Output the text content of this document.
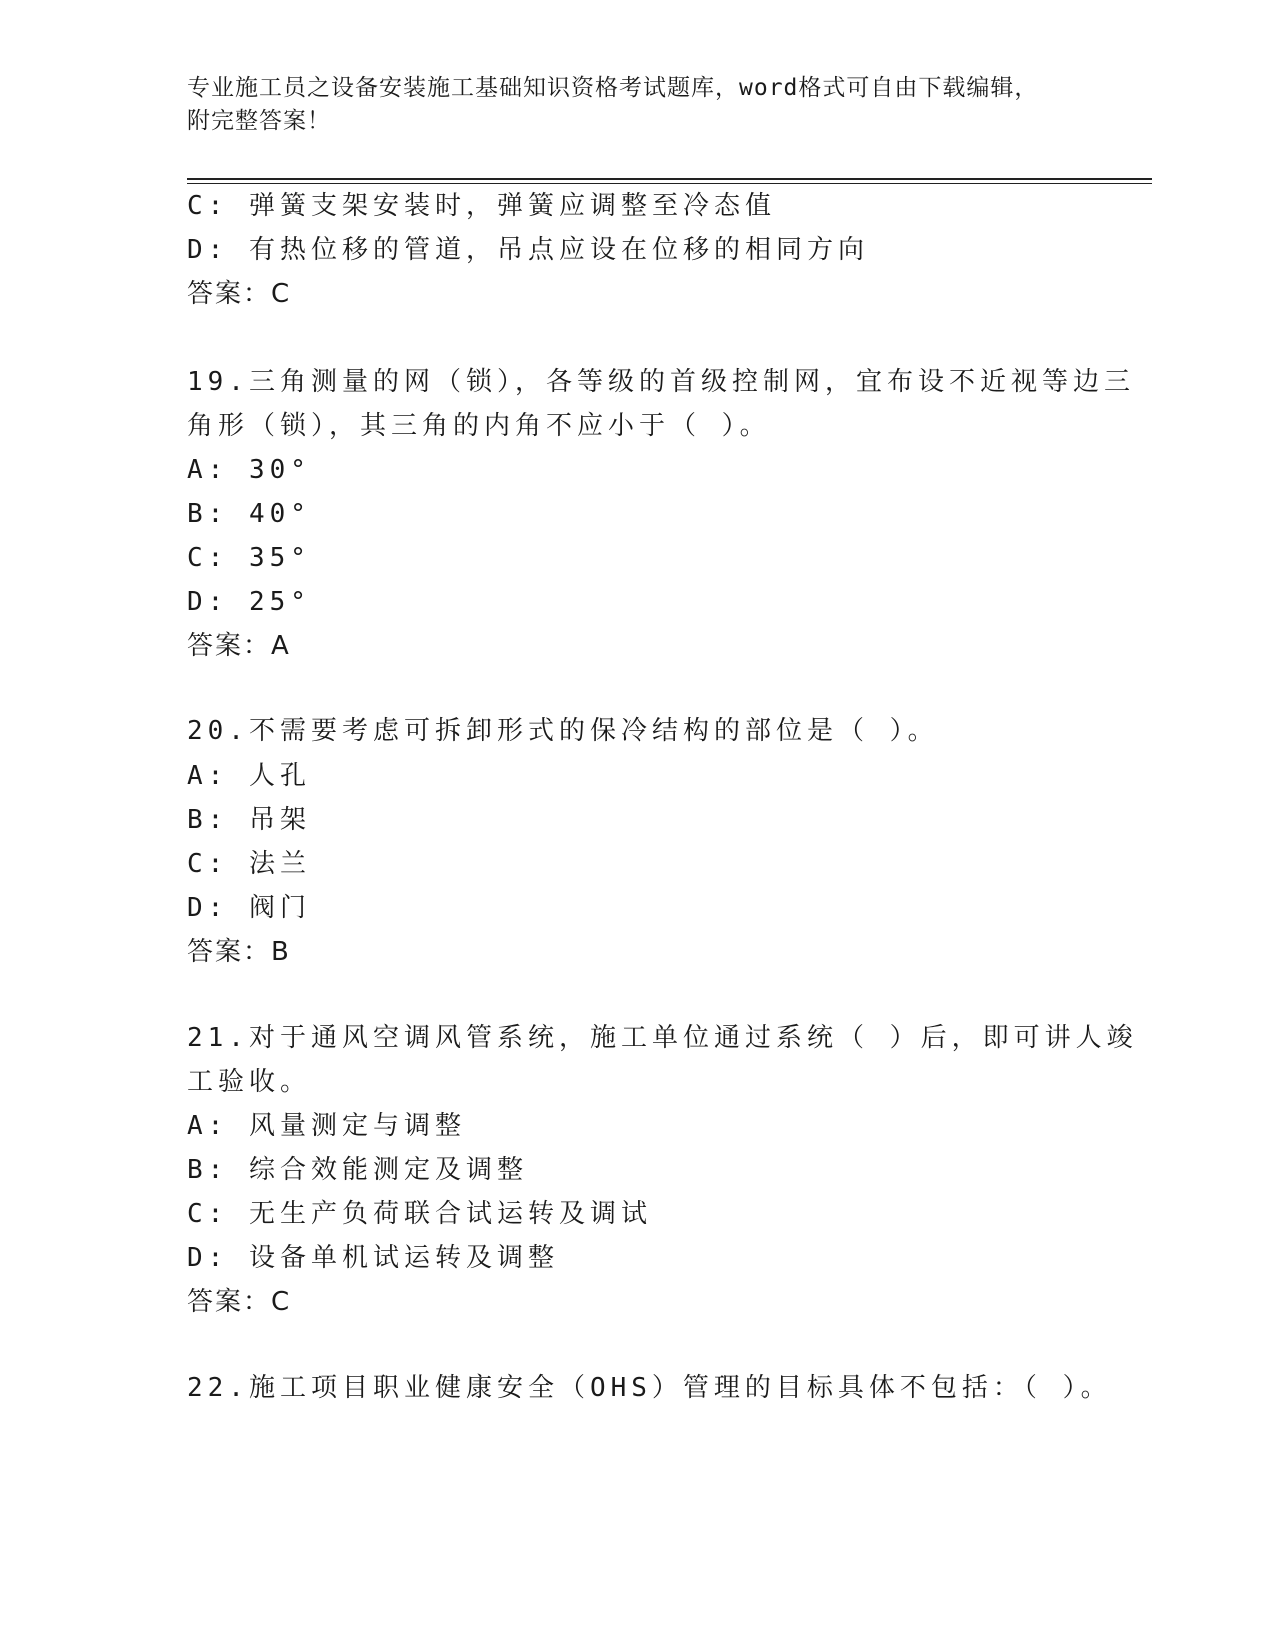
专业施工员之设备安装施工基础知识资格考试题库，word格式可自由下载编辑，
附完整答案！
C: 弹簧支架安装时，弹簧应调整至冷态值
D: 有热位移的管道，吊点应设在位移的相同方向
答案：C
19.三角测量的网（锁），各等级的首级控制网，宜布设不近视等边三
角形（锁），其三角的内角不应小于（ ）。
A: 30°
B: 40°
C: 35°
D: 25°
答案：A
20.不需要考虑可拆卸形式的保冷结构的部位是（ ）。
A: 人孔
B: 吊架
C: 法兰
D: 阀门
答案：B
21.对于通风空调风管系统，施工单位通过系统（ ）后，即可讲人竣
工验收。
A: 风量测定与调整
B: 综合效能测定及调整
C: 无生产负荷联合试运转及调试
D: 设备单机试运转及调整
答案：C
22.施工项目职业健康安全（OHS）管理的目标具体不包括：（ ）。
